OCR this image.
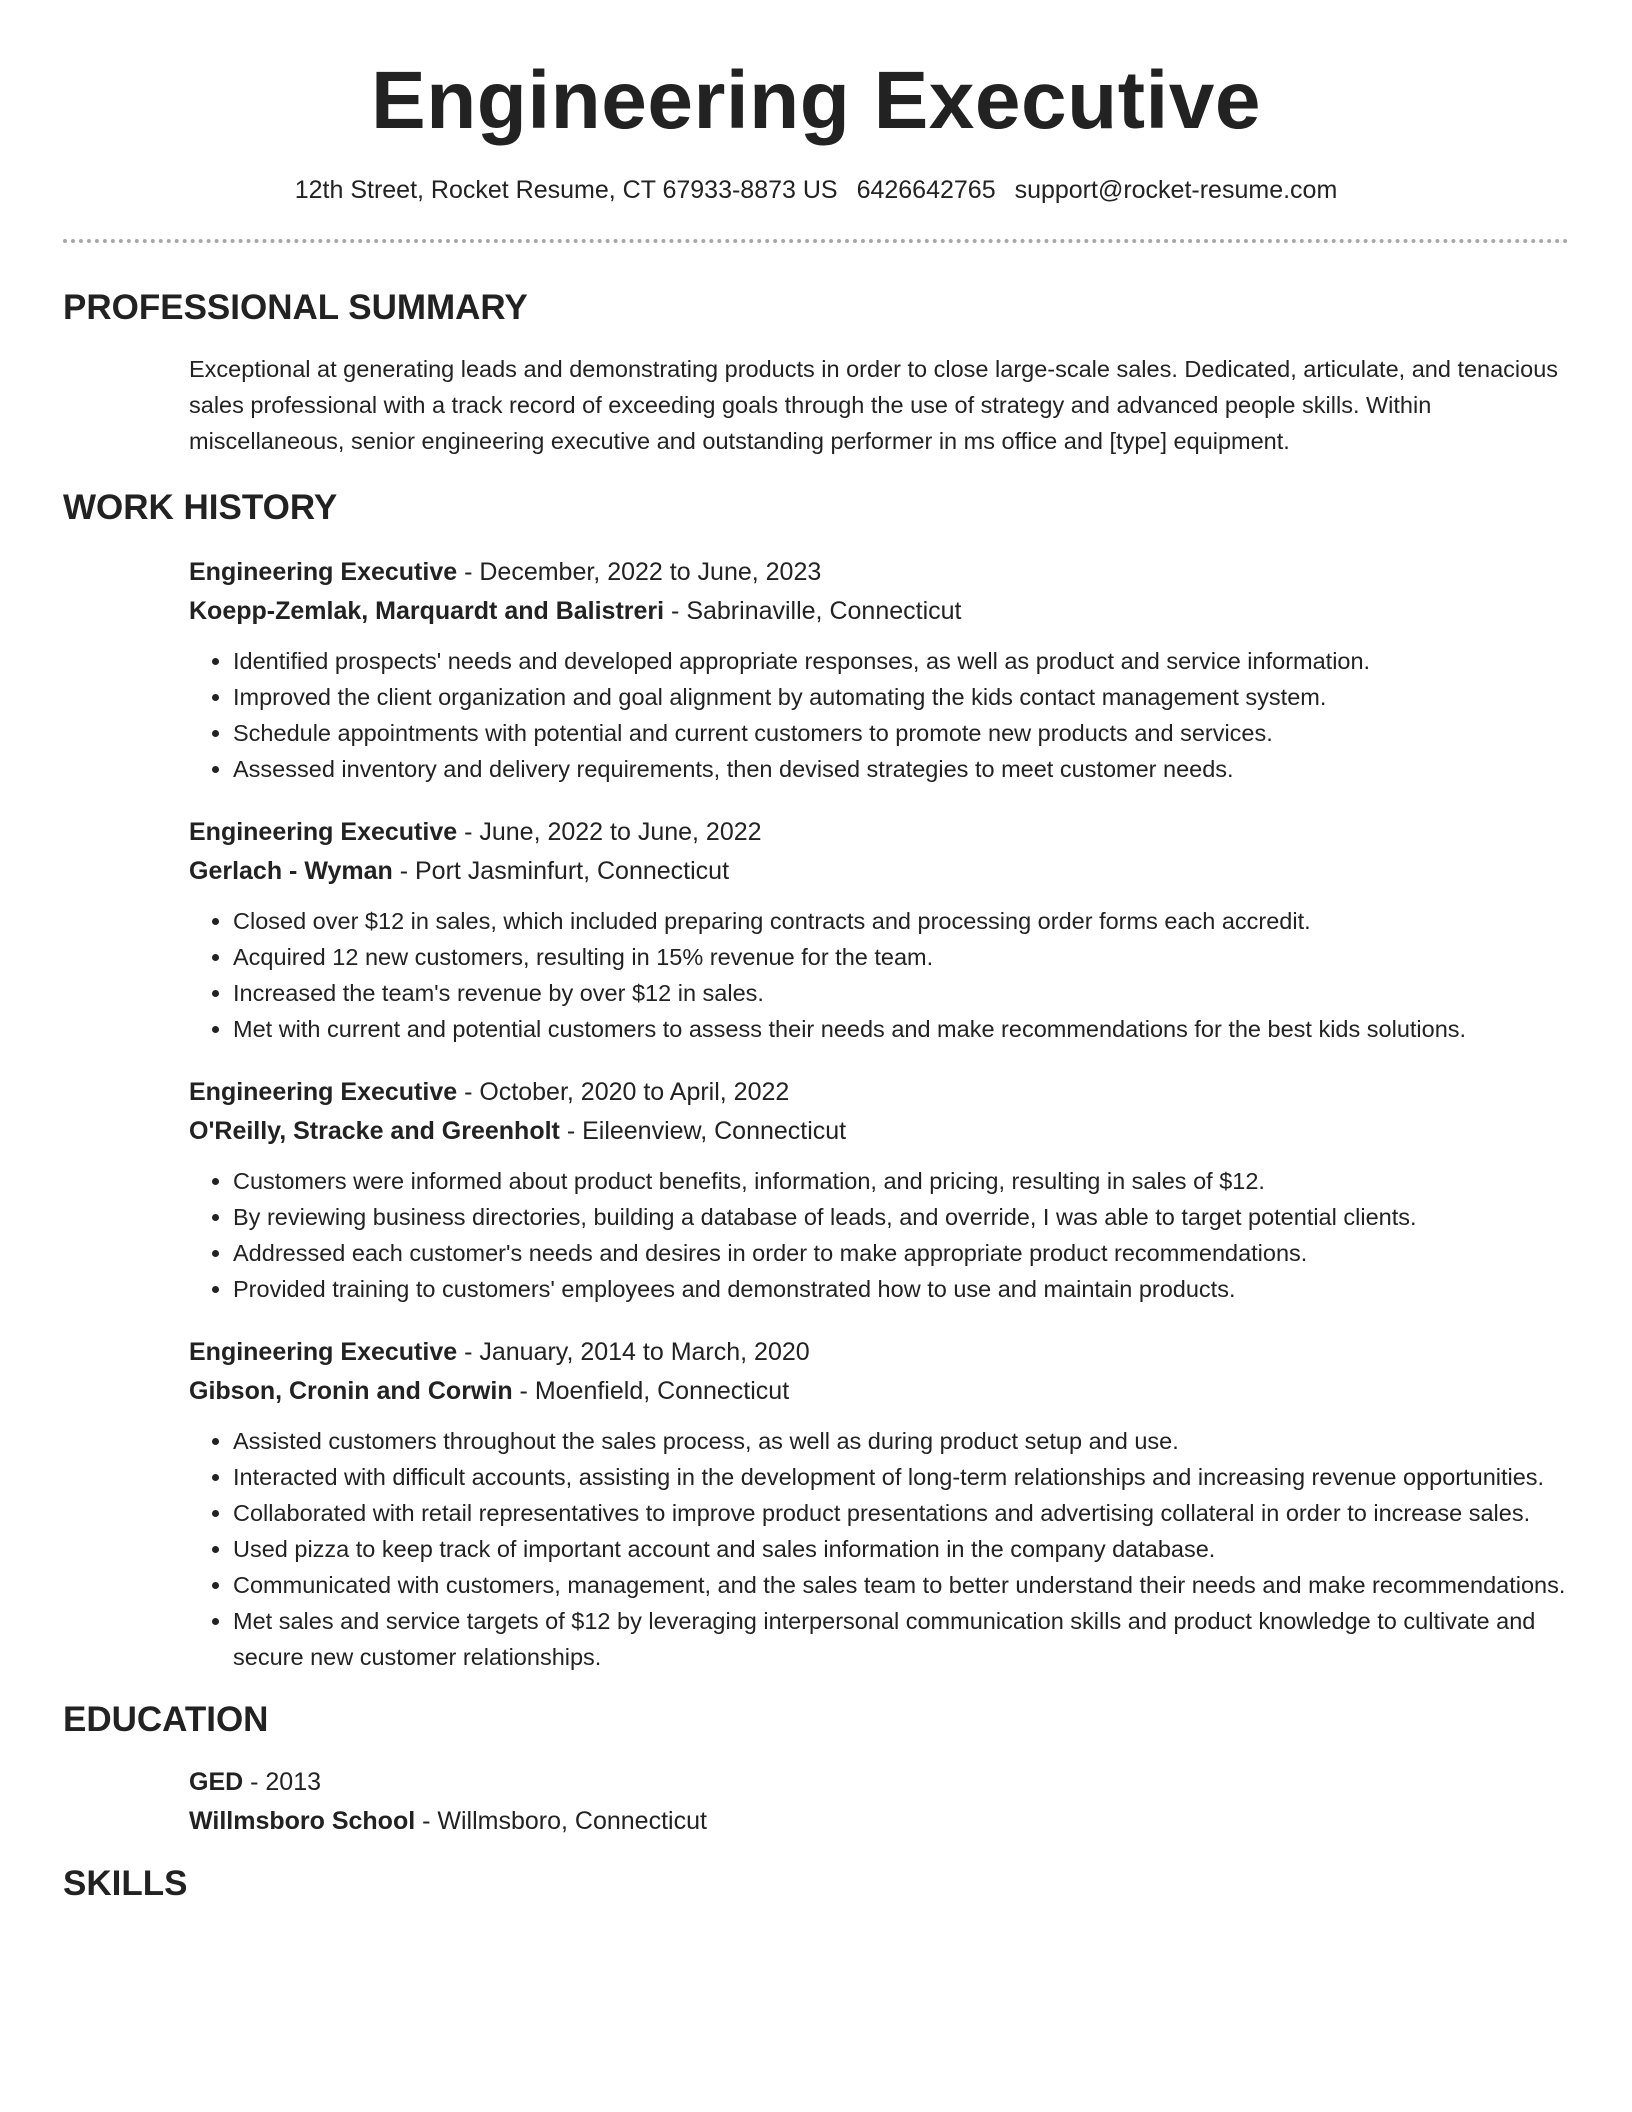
Engineering Executive
12th Street, Rocket Resume, CT 67933-8873 US 6426642765 support@rocket-resume.com
PROFESSIONAL SUMMARY
Exceptional at generating leads and demonstrating products in order to close large-scale sales. Dedicated, articulate, and tenacious sales professional with a track record of exceeding goals through the use of strategy and advanced people skills. Within miscellaneous, senior engineering executive and outstanding performer in ms office and [type] equipment.
WORK HISTORY
Engineering Executive - December, 2022 to June, 2023
Koepp-Zemlak, Marquardt and Balistreri - Sabrinaville, Connecticut
• Identified prospects' needs and developed appropriate responses, as well as product and service information.
• Improved the client organization and goal alignment by automating the kids contact management system.
• Schedule appointments with potential and current customers to promote new products and services.
• Assessed inventory and delivery requirements, then devised strategies to meet customer needs.
Engineering Executive - June, 2022 to June, 2022
Gerlach - Wyman - Port Jasminfurt, Connecticut
• Closed over $12 in sales, which included preparing contracts and processing order forms each accredit.
• Acquired 12 new customers, resulting in 15% revenue for the team.
• Increased the team's revenue by over $12 in sales.
• Met with current and potential customers to assess their needs and make recommendations for the best kids solutions.
Engineering Executive - October, 2020 to April, 2022
O'Reilly, Stracke and Greenholt - Eileenview, Connecticut
• Customers were informed about product benefits, information, and pricing, resulting in sales of $12.
• By reviewing business directories, building a database of leads, and override, I was able to target potential clients.
• Addressed each customer's needs and desires in order to make appropriate product recommendations.
• Provided training to customers' employees and demonstrated how to use and maintain products.
Engineering Executive - January, 2014 to March, 2020
Gibson, Cronin and Corwin - Moenfield, Connecticut
• Assisted customers throughout the sales process, as well as during product setup and use.
• Interacted with difficult accounts, assisting in the development of long-term relationships and increasing revenue opportunities.
• Collaborated with retail representatives to improve product presentations and advertising collateral in order to increase sales.
• Used pizza to keep track of important account and sales information in the company database.
• Communicated with customers, management, and the sales team to better understand their needs and make recommendations.
• Met sales and service targets of $12 by leveraging interpersonal communication skills and product knowledge to cultivate and secure new customer relationships.
EDUCATION
GED - 2013
Willmsboro School - Willmsboro, Connecticut
SKILLS
